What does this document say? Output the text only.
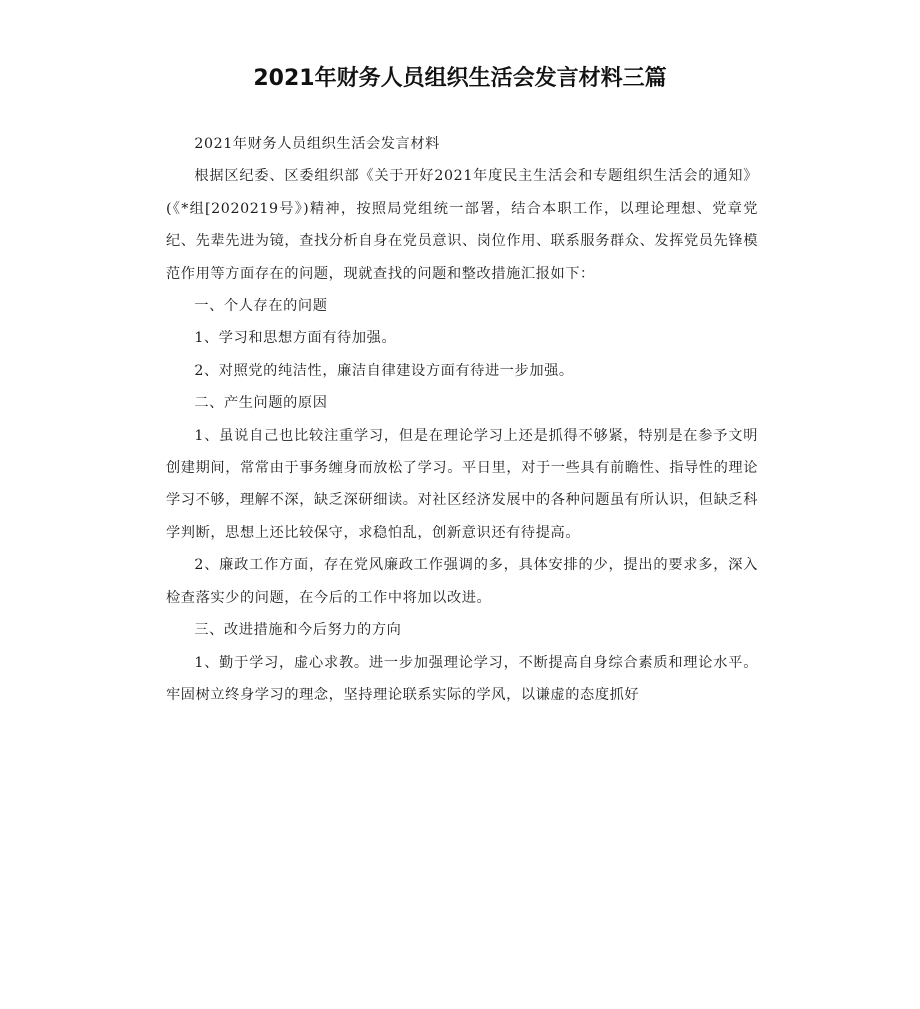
2021年财务人员组织生活会发言材料三篇

2021年财务人员组织生活会发言材料

根据区纪委、区委组织部《关于开好2021年度民主生活会和专题组织生活会的通知》(《*组[2020219号》)精神，按照局党组统一部署，结合本职工作，以理论理想、党章党纪、先辈先进为镜，查找分析自身在党员意识、岗位作用、联系服务群众、发挥党员先锋模范作用等方面存在的问题，现就查找的问题和整改措施汇报如下：

一、个人存在的问题

1、学习和思想方面有待加强。

2、对照党的纯洁性，廉洁自律建设方面有待进一步加强。

二、产生问题的原因

1、虽说自己也比较注重学习，但是在理论学习上还是抓得不够紧，特别是在参予文明创建期间，常常由于事务缠身而放松了学习。平日里，对于一些具有前瞻性、指导性的理论学习不够，理解不深，缺乏深研细读。对社区经济发展中的各种问题虽有所认识，但缺乏科学判断，思想上还比较保守，求稳怕乱，创新意识还有待提高。

2、廉政工作方面，存在党风廉政工作强调的多，具体安排的少，提出的要求多，深入检查落实少的问题，在今后的工作中将加以改进。

三、改进措施和今后努力的方向

1、勤于学习，虚心求教。进一步加强理论学习，不断提高自身综合素质和理论水平。牢固树立终身学习的理念，坚持理论联系实际的学风，以谦虚的态度抓好
